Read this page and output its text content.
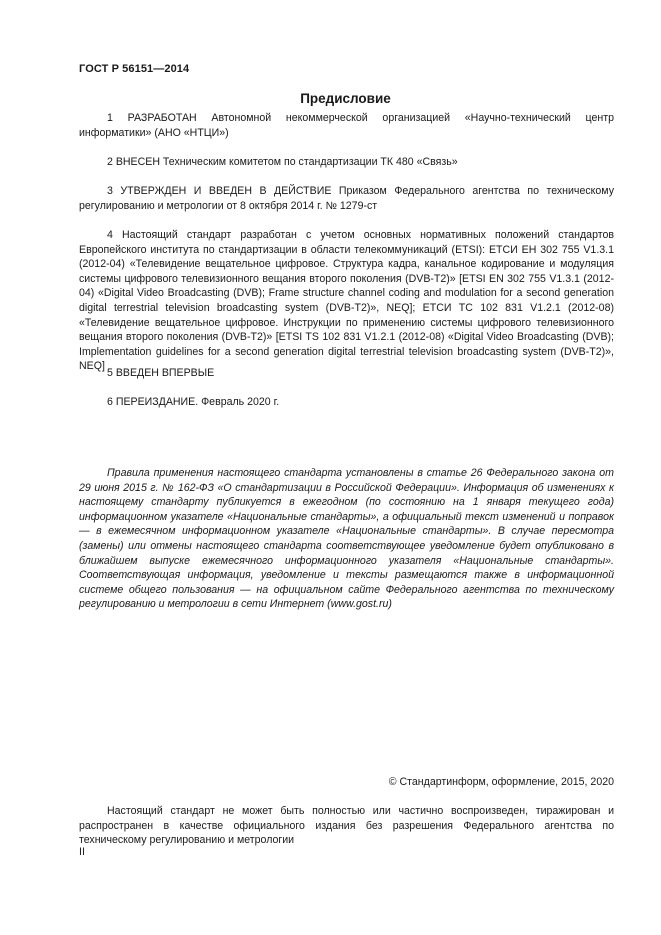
ГОСТ Р 56151—2014
Предисловие

1 РАЗРАБОТАН Автономной некоммерческой организацией «Научно-технический центр информатики» (АНО «НТЦИ»)

2 ВНЕСЕН Техническим комитетом по стандартизации ТК 480 «Связь»

3 УТВЕРЖДЕН И ВВЕДЕН В ДЕЙСТВИЕ Приказом Федерального агентства по техническому регулированию и метрологии от 8 октября 2014 г. № 1279-ст

4 Настоящий стандарт разработан с учетом основных нормативных положений стандартов Европейского института по стандартизации в области телекоммуникаций (ETSI): ЕТСИ ЕН 302 755 V1.3.1 (2012-04) «Телевидение вещательное цифровое. Структура кадра, канальное кодирование и модуляция системы цифрового телевизионного вещания второго поколения (DVB-T2)» [ETSI EN 302 755 V1.3.1 (2012-04) «Digital Video Broadcasting (DVB); Frame structure channel coding and modulation for a second generation digital terrestrial television broadcasting system (DVB-T2)», NEQ]; ЕТСИ ТС 102 831 V1.2.1 (2012-08) «Телевидение вещательное цифровое. Инструкции по применению системы цифрового телевизионного вещания второго поколения (DVB-T2)» [ETSI TS 102 831 V1.2.1 (2012-08) «Digital Video Broadcasting (DVB); Implementation guidelines for a second generation digital terrestrial television broadcasting system (DVB-T2)», NEQ]

5 ВВЕДЕН ВПЕРВЫЕ

6 ПЕРЕИЗДАНИЕ. Февраль 2020 г.

Правила применения настоящего стандарта установлены в статье 26 Федерального закона от 29 июня 2015 г. № 162-ФЗ «О стандартизации в Российской Федерации». Информация об изменениях к настоящему стандарту публикуется в ежегодном (по состоянию на 1 января текущего года) информационном указателе «Национальные стандарты», а официальный текст изменений и поправок — в ежемесячном информационном указателе «Национальные стандарты». В случае пересмотра (замены) или отмены настоящего стандарта соответствующее уведомление будет опубликовано в ближайшем выпуске ежемесячного информационного указателя «Национальные стандарты». Соответствующая информация, уведомление и тексты размещаются также в информационной системе общего пользования — на официальном сайте Федерального агентства по техническому регулированию и метрологии в сети Интернет (www.gost.ru)

© Стандартинформ, оформление, 2015, 2020

Настоящий стандарт не может быть полностью или частично воспроизведен, тиражирован и распространен в качестве официального издания без разрешения Федерального агентства по техническому регулированию и метрологии

II
